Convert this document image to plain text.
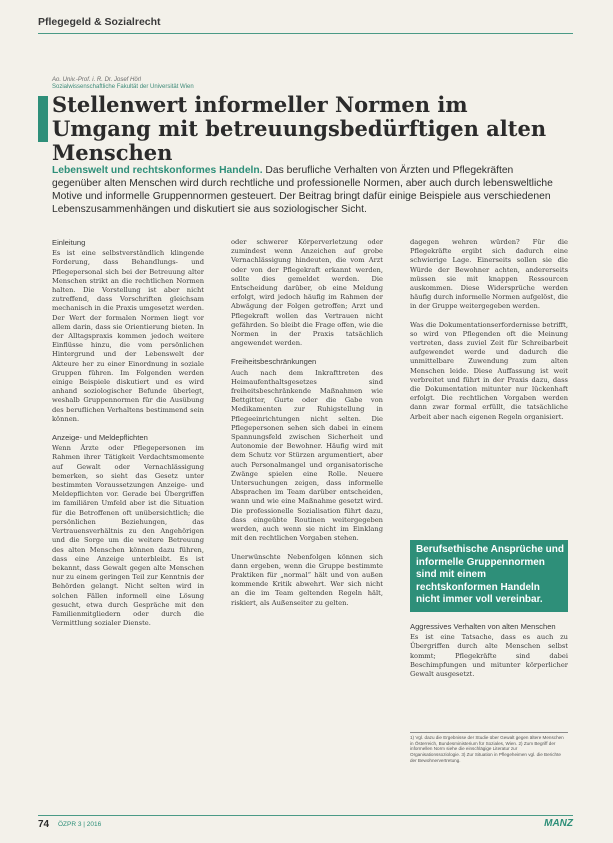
Pflegegeld & Sozialrecht
Ao. Univ.-Prof. i. R. Dr. Josef Hörl
Sozialwissenschaftliche Fakultät der Universität Wien
Stellenwert informeller Normen im Umgang mit betreuungsbedürftigen alten Menschen
Lebenswelt und rechtskonformes Handeln. Das berufliche Verhalten von Ärzten und Pflegekräften gegenüber alten Menschen wird durch rechtliche und professionelle Normen, aber auch durch lebensweltliche Motive und informelle Gruppennormen gesteuert. Der Beitrag bringt dafür einige Beispiele aus verschiedenen Lebenszusammenhängen und diskutiert sie aus soziologischer Sicht.
Einleitung

Es ist eine selbstverständlich klingende Forderung, dass Behandlungs- und Pflegepersonal sich bei der Betreuung alter Menschen strikt an die rechtlichen Normen halten. Die Vorstellung ist aber nicht zutreffend, dass Vorschriften gleichsam mechanisch in die Praxis umgesetzt werden. Der Wert der formalen Normen liegt vor allem darin, dass sie Orientierung bieten. In der Alltagspraxis kommen jedoch weitere Einflüsse hinzu, die vom persönlichen Hintergrund und der Lebenswelt der Akteure her zu einer Einordnung in soziale Gruppen führen. Im Folgenden werden einige Beispiele diskutiert und es wird anhand soziologischer Befunde überlegt, weshalb Gruppennormen für die Ausübung des beruflichen Verhaltens bestimmend sein können.

Anzeige- und Meldepflichten

Wenn Ärzte oder Pflegepersonen im Rahmen ihrer Tätigkeit Verdachtsmomente auf Gewalt oder Vernachlässigung bemerken, so sieht das Gesetz unter bestimmten Voraussetzungen Anzeige- und Meldepflichten vor. Gerade bei Übergriffen im familiären Umfeld aber ist die Situation für die Betroffenen oft unübersichtlich; die persönlichen Beziehungen, das Vertrauensverhältnis zu den Angehörigen und die Sorge um die weitere Betreuung des alten Menschen können dazu führen, dass eine Anzeige unterbleibt. Es ist bekannt, dass Gewalt gegen alte Menschen nur zu einem geringen Teil zur Kenntnis der Behörden gelangt. Nicht selten wird in solchen Fällen informell eine Lösung gesucht, etwa durch Gespräche mit den Familienmitgliedern oder durch die Vermittlung sozialer Dienste.

oder schwerer Körperverletzung oder zumindest wenn Anzeichen auf grobe Vernachlässigung hindeuten, die vom Arzt oder von der Pflegekraft erkannt werden, sollte dies gemeldet werden. Die Entscheidung darüber, ob eine Meldung erfolgt, wird jedoch häufig im Rahmen der Abwägung der Folgen getroffen; Arzt und Pflegekraft wollen das Vertrauen nicht gefährden. So bleibt die Frage offen, wie die Normen in der Praxis tatsächlich angewendet werden.

Freiheitsbeschränkungen

Auch nach dem Inkrafttreten des Heimaufenthaltsgesetzes sind freiheitsbeschränkende Maßnahmen wie Bettgitter, Gurte oder die Gabe von Medikamenten zur Ruhigstellung in Pflegeeinrichtungen nicht selten. Die Pflegepersonen sehen sich dabei in einem Spannungsfeld zwischen Sicherheit und Autonomie der Bewohner. Häufig wird mit dem Schutz vor Stürzen argumentiert, aber auch Personalmangel und organisatorische Zwänge spielen eine Rolle. Neuere Untersuchungen zeigen, dass informelle Absprachen im Team darüber entscheiden, wann und wie eine Maßnahme gesetzt wird. Die professionelle Sozialisation führt dazu, dass eingeübte Routinen weitergegeben werden, auch wenn sie nicht im Einklang mit den rechtlichen Vorgaben stehen.

Unerwünschte Nebenfolgen können sich dann ergeben, wenn die Gruppe bestimmte Praktiken für „normal“ hält und von außen kommende Kritik abwehrt. Wer sich nicht an die im Team geltenden Regeln hält, riskiert, als Außenseiter zu gelten.

dagegen wehren würden? Für die Pflegekräfte ergibt sich dadurch eine schwierige Lage. Einerseits sollen sie die Würde der Bewohner achten, andererseits müssen sie mit knappen Ressourcen auskommen. Diese Widersprüche werden häufig durch informelle Normen aufgelöst, die in der Gruppe weitergegeben werden.

Was die Dokumentationserfordernisse betrifft, so wird von Pflegenden oft die Meinung vertreten, dass zuviel Zeit für Schreibarbeit aufgewendet werde und dadurch die unmittelbare Zuwendung zum alten Menschen leide. Diese Auffassung ist weit verbreitet und führt in der Praxis dazu, dass die Dokumentation mitunter nur lückenhaft erfolgt. Die rechtlichen Vorgaben werden dann zwar formal erfüllt, die tatsächliche Arbeit aber nach eigenen Regeln organisiert.

Berufsethische Ansprüche und informelle Gruppennormen sind mit einem rechtskonformen Handeln nicht immer voll vereinbar.
Aggressives Verhalten von alten Menschen

Es ist eine Tatsache, dass es auch zu Übergriffen durch alte Menschen selbst kommt; Pflegekräfte sind dabei Beschimpfungen und mitunter körperlicher Gewalt ausgesetzt.

1) Vgl. dazu die Ergebnisse der Studie über Gewalt gegen ältere Menschen in Österreich, Bundesministerium für Soziales, Wien. 2) Zum Begriff der informellen Norm siehe die einschlägige Literatur zur Organisationssoziologie. 3) Zur Situation in Pflegeheimen vgl. die Berichte der Bewohnervertretung.
74 ÖZPR 3 | 2016	MANZ
